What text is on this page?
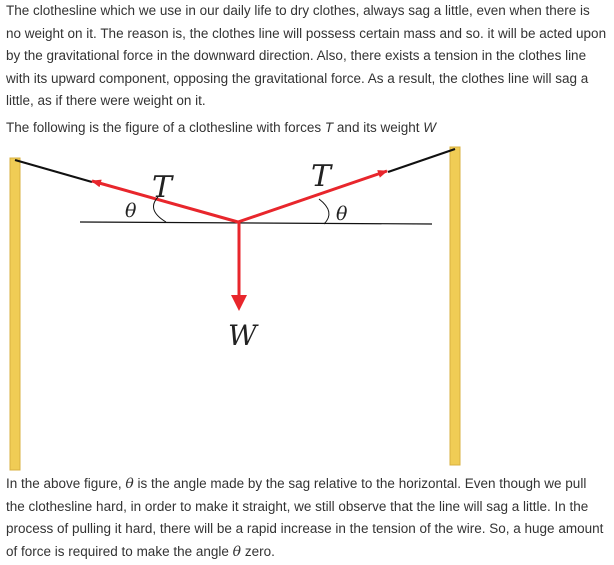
The clothesline which we use in our daily life to dry clothes, always sag a little, even when there is no weight on it. The reason is, the clothes line will possess certain mass and so. it will be acted upon by the gravitational force in the downward direction. Also, there exists a tension in the clothes line with its upward component, opposing the gravitational force. As a result, the clothes line will sag a little, as if there were weight on it.

The following is the figure of a clothesline with forces T and its weight W

T	T
θ	θ
W

In the above figure, θ is the angle made by the sag relative to the horizontal. Even though we pull the clothesline hard, in order to make it straight, we still observe that the line will sag a little. In the process of pulling it hard, there will be a rapid increase in the tension of the wire. So, a huge amount of force is required to make the angle θ zero.
